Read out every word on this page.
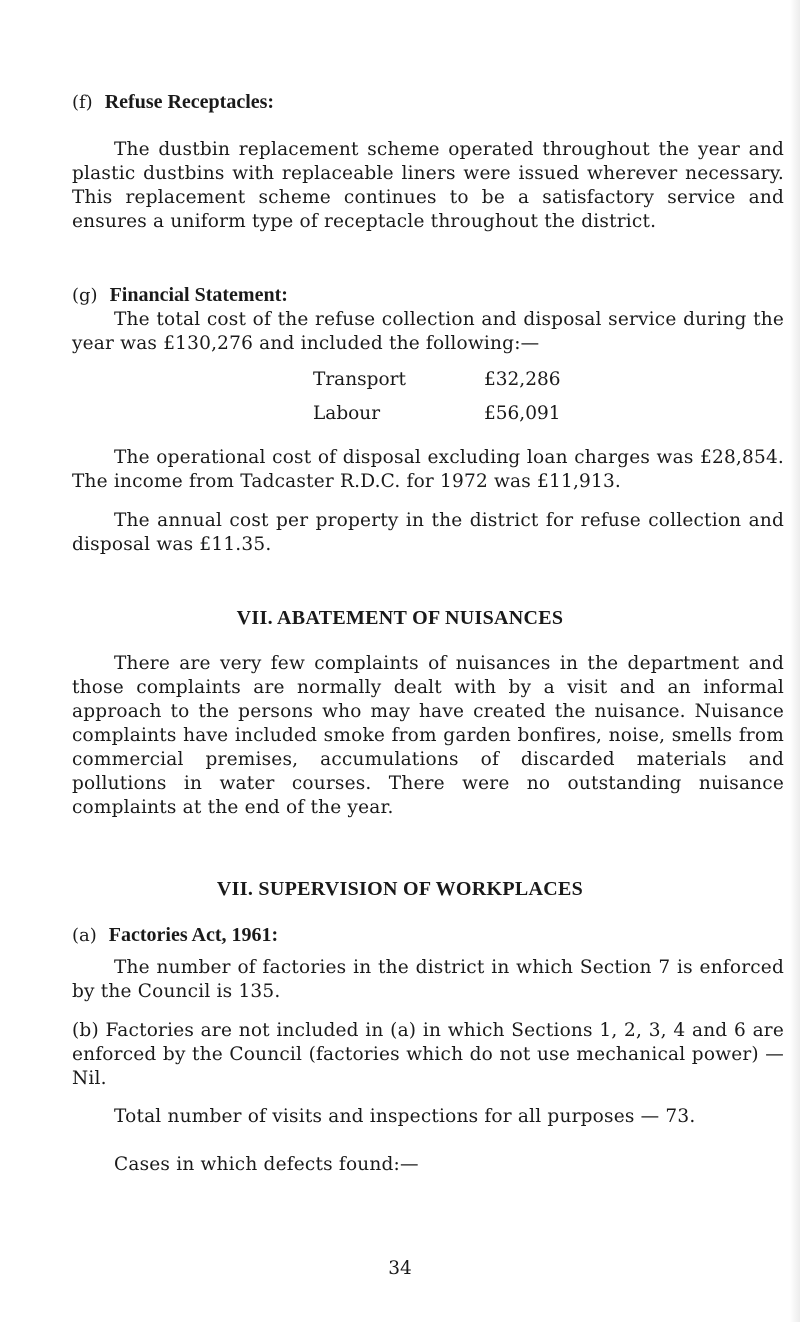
(f) Refuse Receptacles:

The dustbin replacement scheme operated throughout the year and plastic dustbins with replaceable liners were issued wherever necessary. This replacement scheme continues to be a satisfactory service and ensures a uniform type of receptacle throughout the district.

(g) Financial Statement:

The total cost of the refuse collection and disposal service during the year was £130,276 and included the following:—

Transport	£32,286
Labour	£56,091

The operational cost of disposal excluding loan charges was £28,854. The income from Tadcaster R.D.C. for 1972 was £11,913.

The annual cost per property in the district for refuse collection and disposal was £11.35.

VII. ABATEMENT OF NUISANCES

There are very few complaints of nuisances in the department and those complaints are normally dealt with by a visit and an informal approach to the persons who may have created the nuisance. Nuisance complaints have included smoke from garden bonfires, noise, smells from commercial premises, accumulations of discarded materials and pollutions in water courses. There were no outstanding nuisance complaints at the end of the year.

VII. SUPERVISION OF WORKPLACES

(a) Factories Act, 1961:

The number of factories in the district in which Section 7 is enforced by the Council is 135.

(b) Factories are not included in (a) in which Sections 1, 2, 3, 4 and 6 are enforced by the Council (factories which do not use mechanical power) — Nil.

Total number of visits and inspections for all purposes — 73.

Cases in which defects found:—

34
